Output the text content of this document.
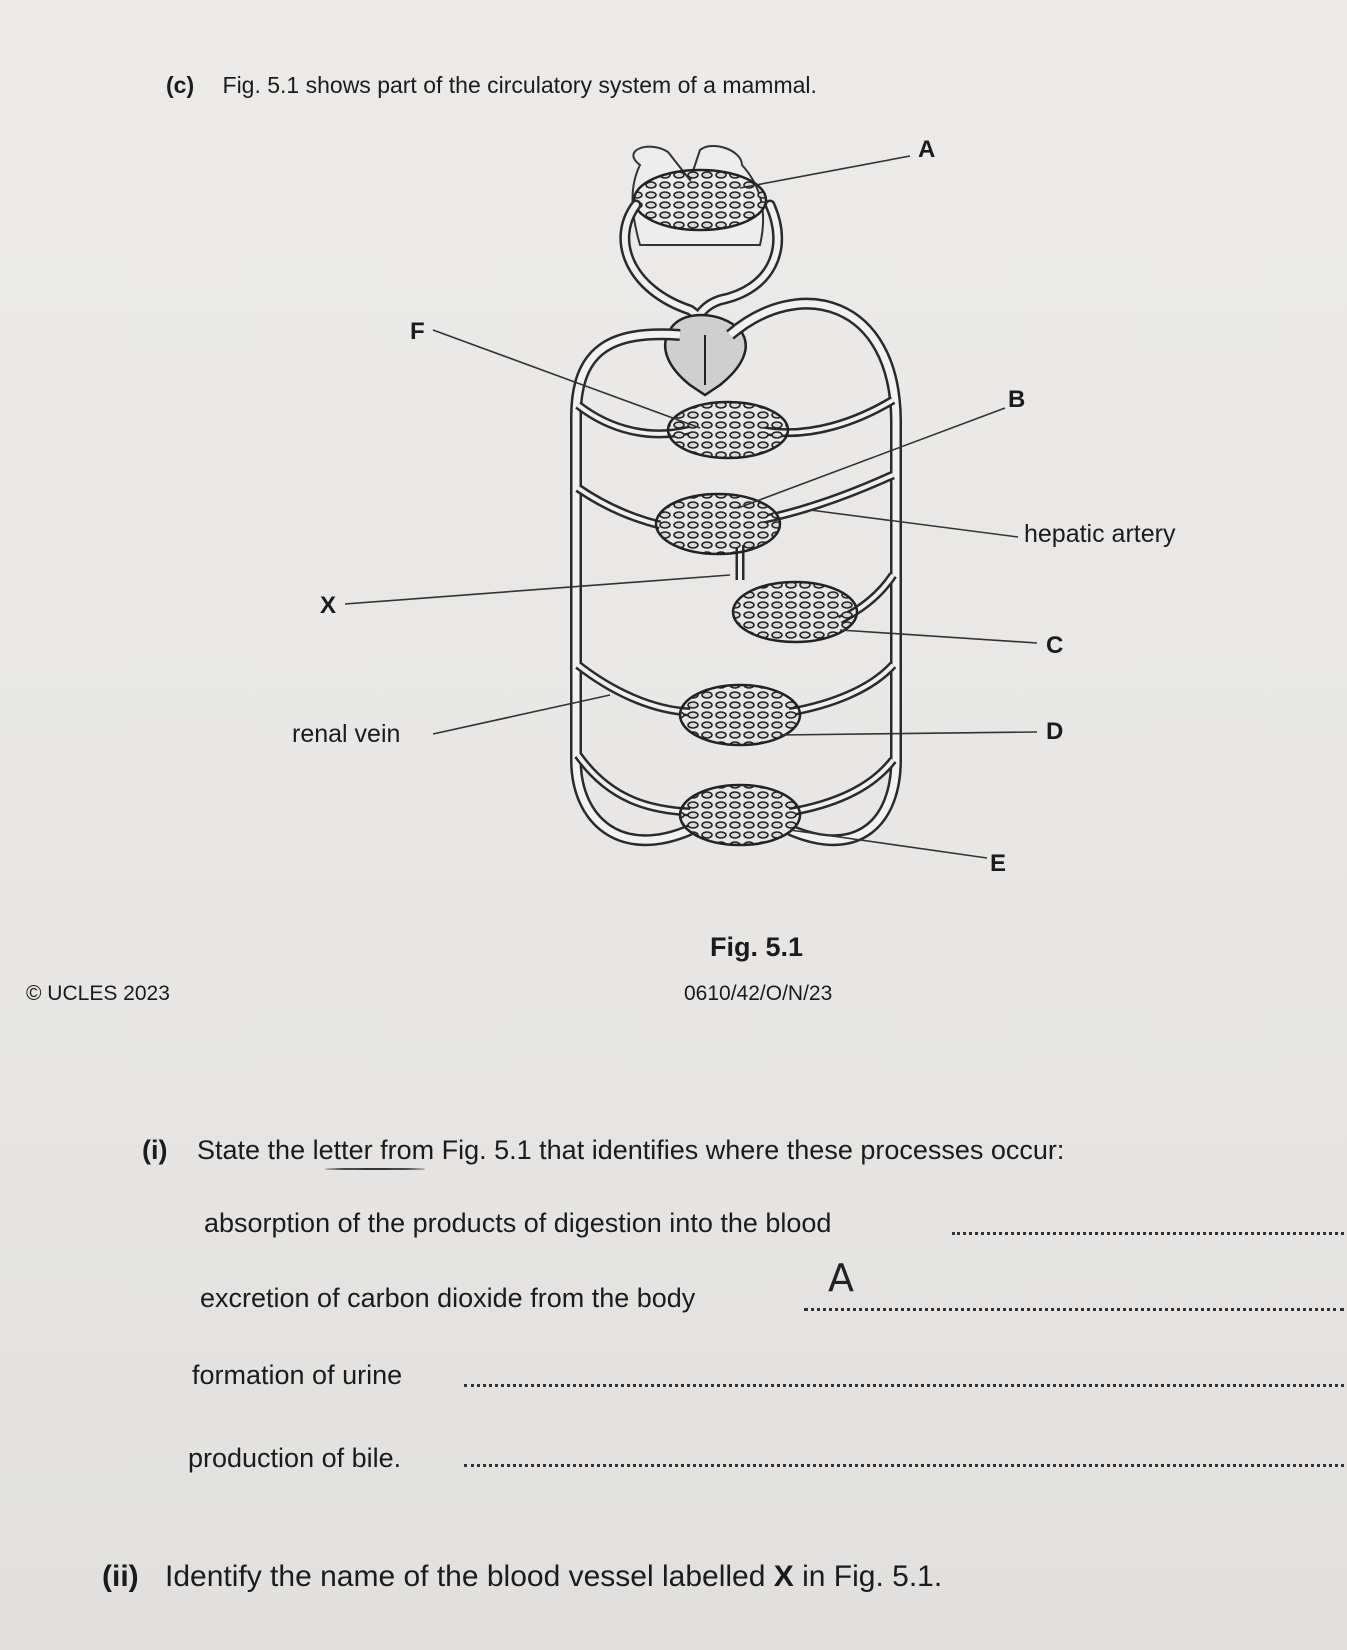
(c) Fig. 5.1 shows part of the circulatory system of a mammal.
A
F
B
hepatic artery
X
C
renal vein	D
E
Fig. 5.1
© UCLES 2023	0610/42/O/N/23
(i) State the letter from Fig. 5.1 that identifies where these processes occur:
absorption of the products of digestion into the blood
excretion of carbon dioxide from the body	A
formation of urine
production of bile.
(ii) Identify the name of the blood vessel labelled X in Fig. 5.1.
